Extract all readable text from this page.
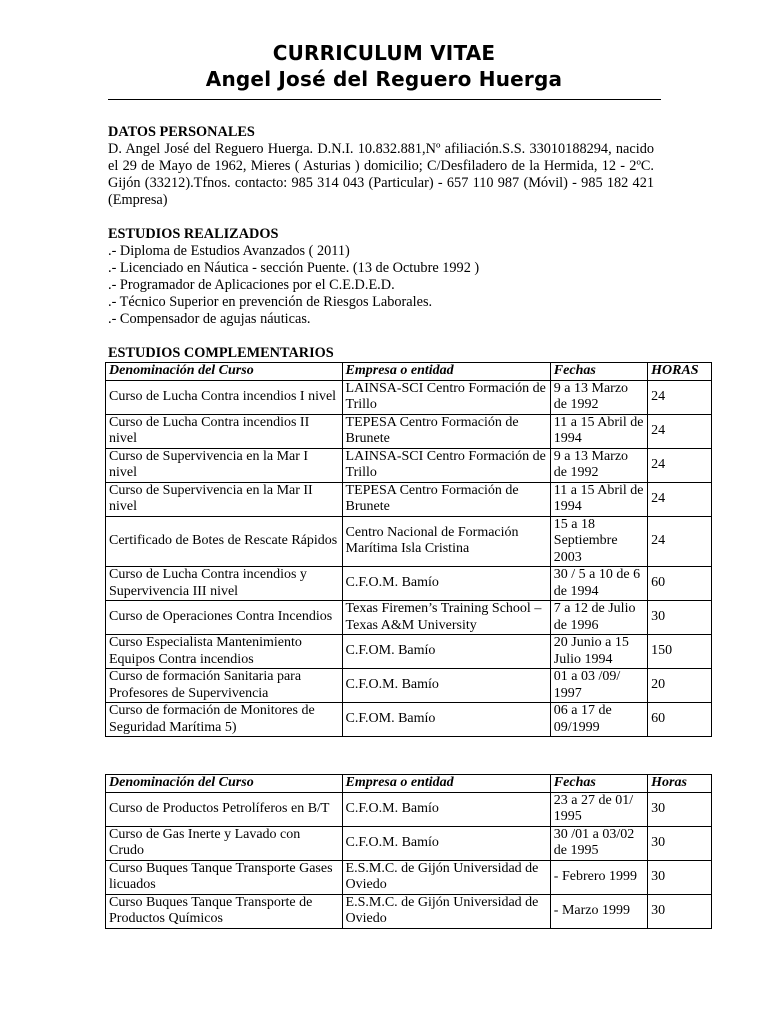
CURRICULUM VITAE
Angel José del Reguero Huerga
DATOS PERSONALES
D. Angel José del Reguero Huerga. D.N.I. 10.832.881,Nº afiliación.S.S. 33010188294, nacido el 29 de Mayo de 1962, Mieres ( Asturias ) domicilio; C/Desfiladero de la Hermida, 12 - 2ºC. Gijón (33212).Tfnos. contacto: 985 314 043 (Particular) - 657 110 987 (Móvil) - 985 182 421 (Empresa)
ESTUDIOS REALIZADOS
.- Diploma de Estudios Avanzados ( 2011)
.- Licenciado en Náutica - sección Puente. (13 de Octubre 1992 )
.- Programador de Aplicaciones por el C.E.D.E.D.
.- Técnico Superior en prevención de Riesgos Laborales.
.- Compensador de agujas náuticas.
ESTUDIOS COMPLEMENTARIOS
Denominación del Curso	Empresa o entidad	Fechas	HORAS
Curso de Lucha Contra incendios I nivel	LAINSA-SCI Centro Formación de Trillo	9 a 13 Marzo de 1992	24
Curso de Lucha Contra incendios II nivel	TEPESA Centro Formación de Brunete	11 a 15 Abril de 1994	24
Curso de Supervivencia en la Mar I nivel	LAINSA-SCI Centro Formación de Trillo	9 a 13 Marzo de 1992	24
Curso de Supervivencia en la Mar II nivel	TEPESA Centro Formación de Brunete	11 a 15 Abril de 1994	24
Certificado de Botes de Rescate Rápidos	Centro Nacional de Formación Marítima Isla Cristina	15 a 18 Septiembre 2003	24
Curso de Lucha Contra incendios y Supervivencia III nivel	C.F.O.M. Bamío	30 / 5 a 10 de 6 de 1994	60
Curso de Operaciones Contra Incendios	Texas Firemen’s Training School – Texas A&M University	7 a 12 de Julio de 1996	30
Curso Especialista Mantenimiento Equipos Contra incendios	C.F.OM. Bamío	20 Junio a 15 Julio 1994	150
Curso de formación Sanitaria para Profesores de Supervivencia	C.F.O.M. Bamío	01 a 03 /09/ 1997	20
Curso de formación de Monitores de Seguridad Marítima 5)	C.F.OM. Bamío	06 a 17 de 09/1999	60
Denominación del Curso	Empresa o entidad	Fechas	Horas
Curso de Productos Petrolíferos en B/T	C.F.O.M. Bamío	23 a 27 de 01/ 1995	30
Curso de Gas Inerte y Lavado con Crudo	C.F.O.M. Bamío	30 /01 a 03/02 de 1995	30
Curso Buques Tanque Transporte Gases licuados	E.S.M.C. de Gijón Universidad de Oviedo	- Febrero 1999	30
Curso Buques Tanque Transporte de Productos Químicos	E.S.M.C. de Gijón Universidad de Oviedo	- Marzo 1999	30
